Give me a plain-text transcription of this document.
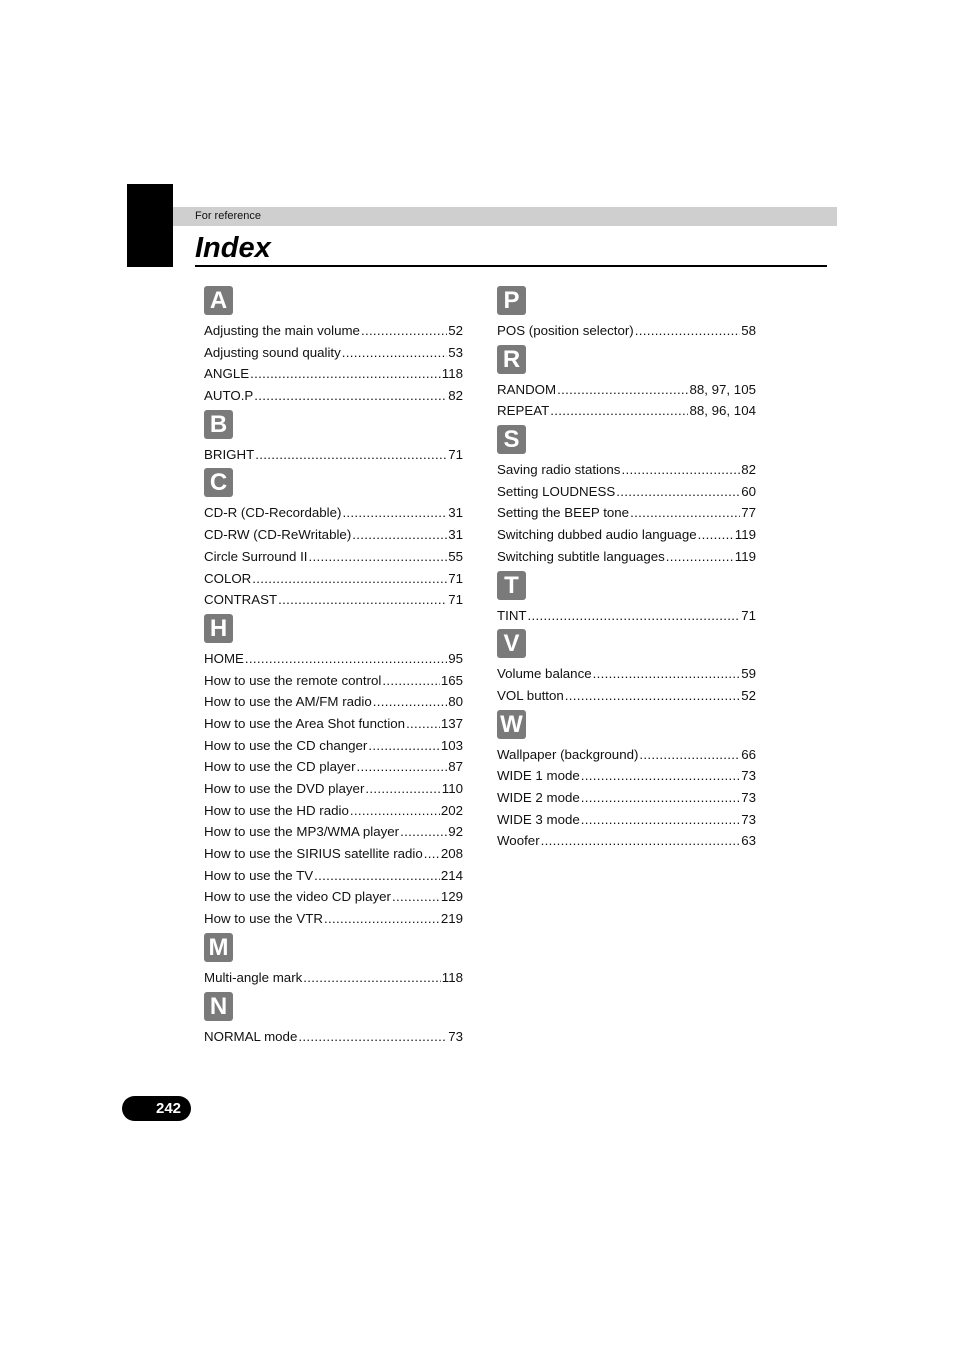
For reference
Index
A
Adjusting the main volume .....	52
Adjusting sound quality .....	53
ANGLE .....	118
AUTO.P .....	82
B
BRIGHT .....	71
C
CD-R (CD-Recordable) .....	31
CD-RW (CD-ReWritable) .....	31
Circle Surround II .....	55
COLOR .....	71
CONTRAST .....	71
H
HOME .....	95
How to use the remote control .....	165
How to use the AM/FM radio .....	80
How to use the Area Shot function .....	137
How to use the CD changer .....	103
How to use the CD player .....	87
How to use the DVD player .....	110
How to use the HD radio .....	202
How to use the MP3/WMA player .....	92
How to use the SIRIUS satellite radio ..... 208
How to use the TV .....	214
How to use the video CD player .....	129
How to use the VTR .....	219
M
Multi-angle mark .....	118
N
NORMAL mode .....	73
P
POS (position selector) .....	58
R
RANDOM .....	88, 97, 105
REPEAT .....	88, 96, 104
S
Saving radio stations .....	82
Setting LOUDNESS .....	60
Setting the BEEP tone .....	77
Switching dubbed audio language .....	119
Switching subtitle languages .....	119
T
TINT .....	71
V
Volume balance .....	59
VOL button .....	52
W
Wallpaper (background) .....	66
WIDE 1 mode .....	73
WIDE 2 mode .....	73
WIDE 3 mode .....	73
Woofer .....	63
242
